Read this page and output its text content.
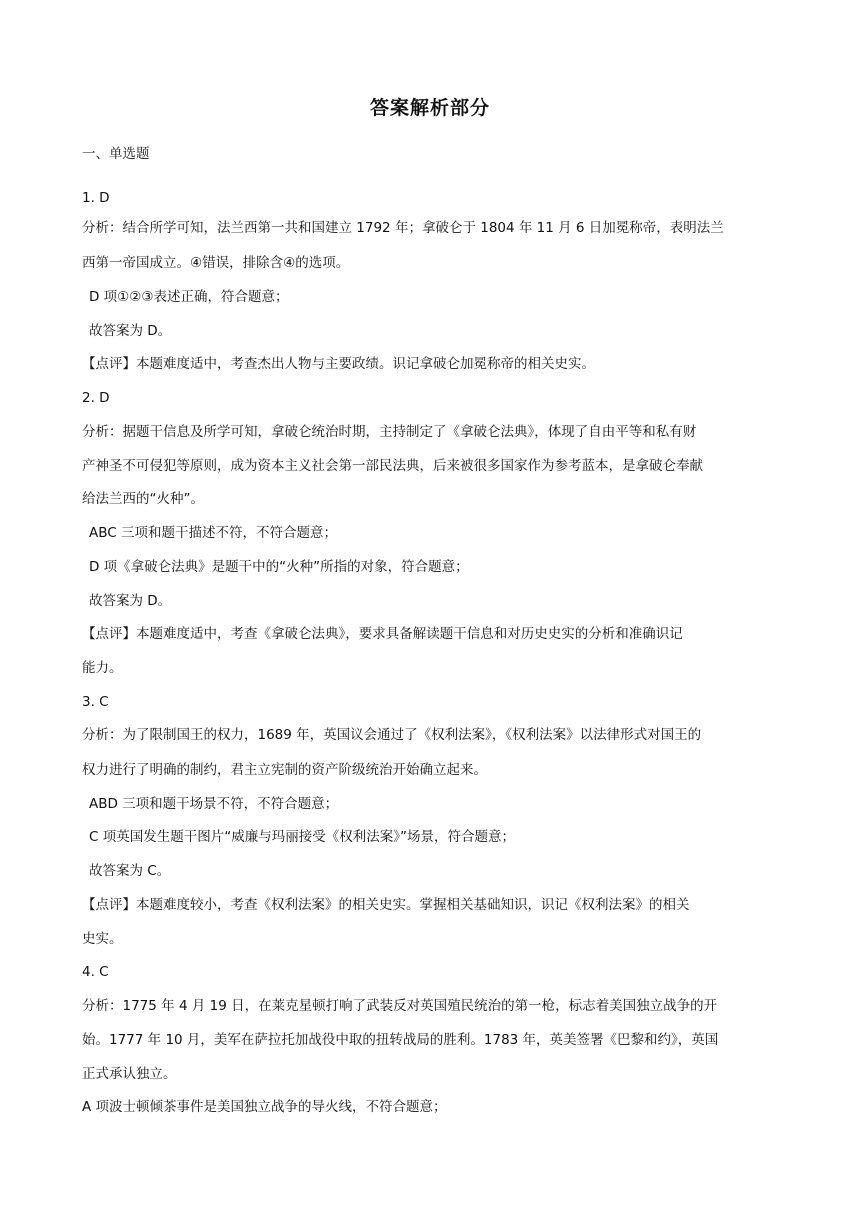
答案解析部分
一、单选题
1. D
分析：结合所学可知，法兰西第一共和国建立 1792 年；拿破仑于 1804 年 11 月 6 日加冕称帝，表明法兰
西第一帝国成立。④错误，排除含④的选项。
D 项①②③表述正确，符合题意；
故答案为 D。
【点评】本题难度适中，考查杰出人物与主要政绩。识记拿破仑加冕称帝的相关史实。
2. D
分析：据题干信息及所学可知，拿破仑统治时期，主持制定了《拿破仑法典》，体现了自由平等和私有财
产神圣不可侵犯等原则，成为资本主义社会第一部民法典，后来被很多国家作为参考蓝本，是拿破仑奉献
给法兰西的“火种”。
ABC 三项和题干描述不符，不符合题意；
D 项《拿破仑法典》是题干中的“火种”所指的对象，符合题意；
故答案为 D。
【点评】本题难度适中，考查《拿破仑法典》，要求具备解读题干信息和对历史史实的分析和准确识记
能力。
3. C
分析：为了限制国王的权力，1689 年，英国议会通过了《权利法案》，《权利法案》以法律形式对国王的
权力进行了明确的制约，君主立宪制的资产阶级统治开始确立起来。
ABD 三项和题干场景不符，不符合题意；
C 项英国发生题干图片“威廉与玛丽接受《权利法案》”场景，符合题意；
故答案为 C。
【点评】本题难度较小，考查《权利法案》的相关史实。掌握相关基础知识，识记《权利法案》的相关
史实。
4. C
分析：1775 年 4 月 19 日，在莱克星顿打响了武装反对英国殖民统治的第一枪，标志着美国独立战争的开
始。1777 年 10 月，美军在萨拉托加战役中取的扭转战局的胜利。1783 年，英美签署《巴黎和约》，英国
正式承认独立。
A 项波士顿倾茶事件是美国独立战争的导火线，不符合题意；
